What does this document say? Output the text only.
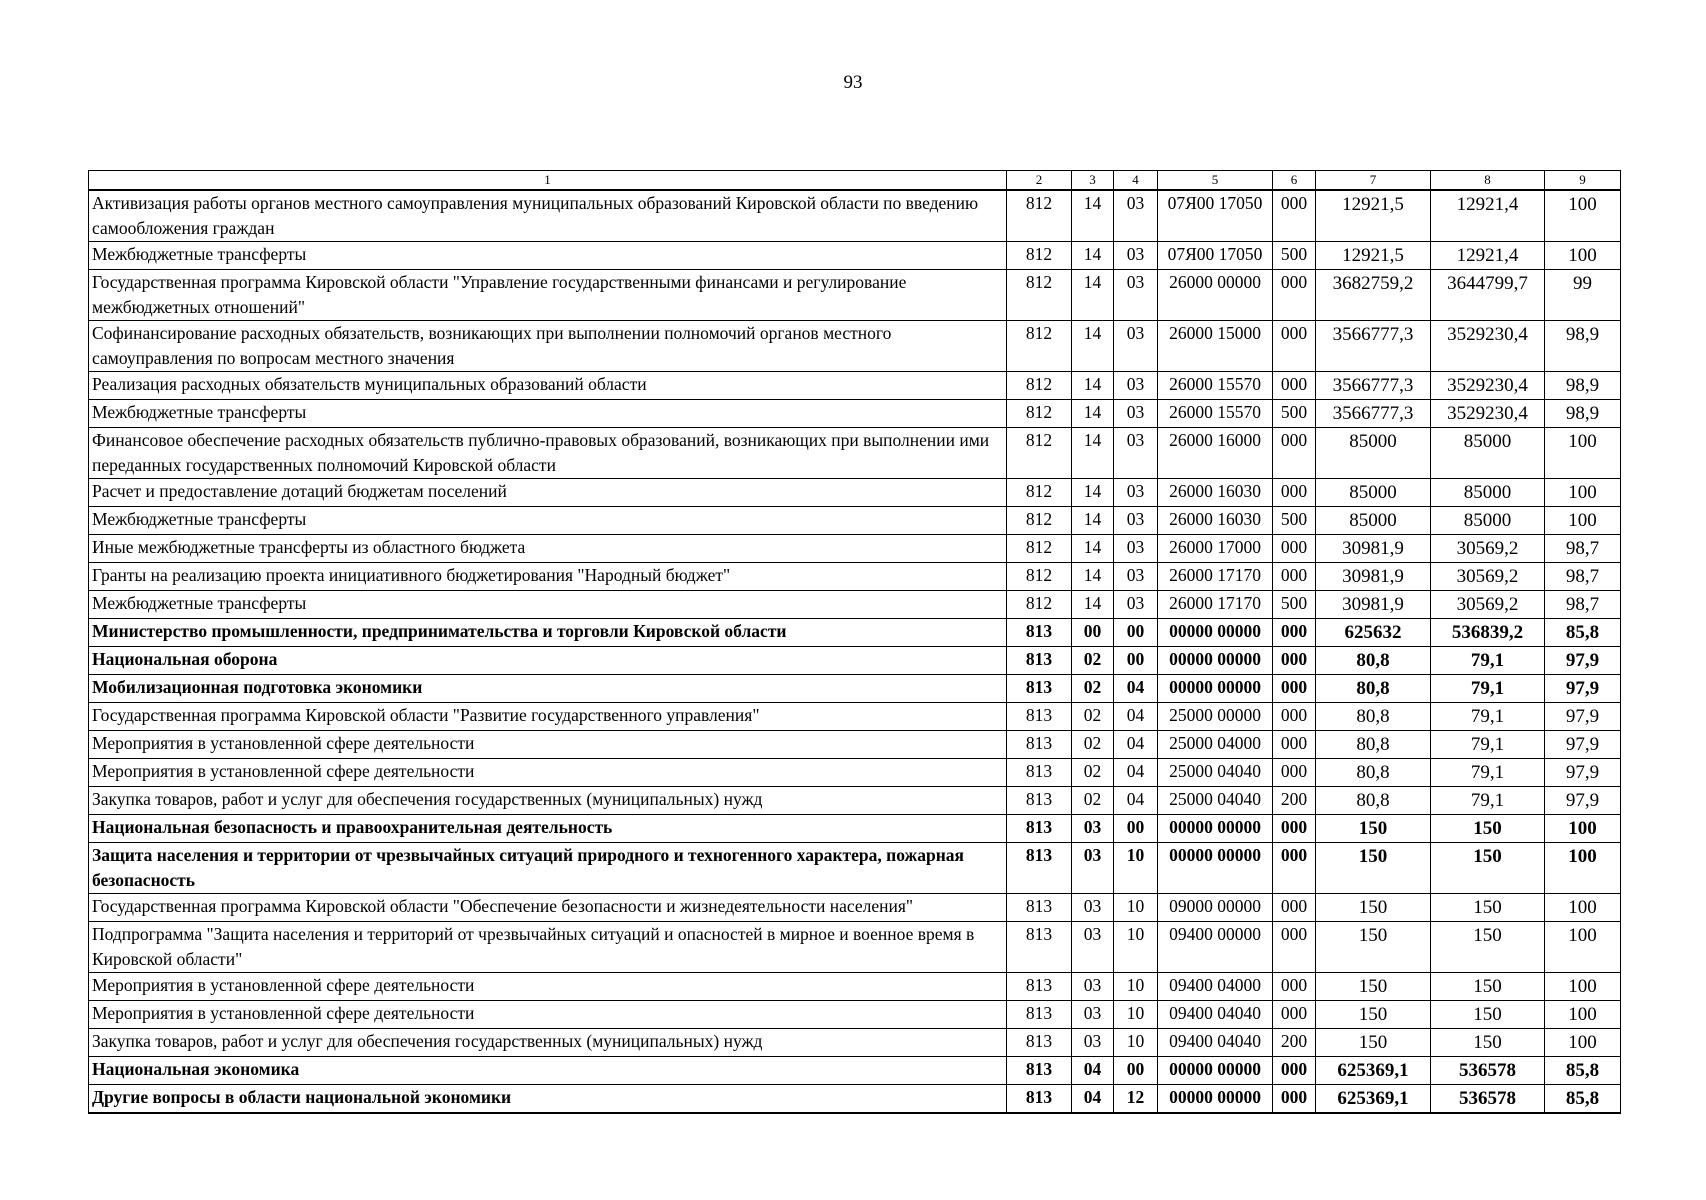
93
1	2	3	4	5	6	7	8	9
Активизация работы органов местного самоуправления муниципальных образований Кировской области по введению самообложения граждан	812	14	03	07Я00 17050	000	12921,5	12921,4	100
Межбюджетные трансферты	812	14	03	07Я00 17050	500	12921,5	12921,4	100
Государственная программа Кировской области "Управление государственными финансами и регулирование межбюджетных отношений"	812	14	03	26000 00000	000	3682759,2	3644799,7	99
Софинансирование расходных обязательств, возникающих при выполнении полномочий органов местного самоуправления по вопросам местного значения	812	14	03	26000 15000	000	3566777,3	3529230,4	98,9
Реализация расходных обязательств муниципальных образований области	812	14	03	26000 15570	000	3566777,3	3529230,4	98,9
Межбюджетные трансферты	812	14	03	26000 15570	500	3566777,3	3529230,4	98,9
Финансовое обеспечение расходных обязательств публично-правовых образований, возникающих при выполнении ими переданных государственных полномочий Кировской области	812	14	03	26000 16000	000	85000	85000	100
Расчет и предоставление дотаций бюджетам поселений	812	14	03	26000 16030	000	85000	85000	100
Межбюджетные трансферты	812	14	03	26000 16030	500	85000	85000	100
Иные межбюджетные трансферты из областного бюджета	812	14	03	26000 17000	000	30981,9	30569,2	98,7
Гранты на реализацию проекта инициативного бюджетирования "Народный бюджет"	812	14	03	26000 17170	000	30981,9	30569,2	98,7
Межбюджетные трансферты	812	14	03	26000 17170	500	30981,9	30569,2	98,7
Министерство промышленности, предпринимательства и торговли Кировской области	813	00	00	00000 00000	000	625632	536839,2	85,8
Национальная оборона	813	02	00	00000 00000	000	80,8	79,1	97,9
Мобилизационная подготовка экономики	813	02	04	00000 00000	000	80,8	79,1	97,9
Государственная программа Кировской области "Развитие государственного управления"	813	02	04	25000 00000	000	80,8	79,1	97,9
Мероприятия в установленной сфере деятельности	813	02	04	25000 04000	000	80,8	79,1	97,9
Мероприятия в установленной сфере деятельности	813	02	04	25000 04040	000	80,8	79,1	97,9
Закупка товаров, работ и услуг для обеспечения государственных (муниципальных) нужд	813	02	04	25000 04040	200	80,8	79,1	97,9
Национальная безопасность и правоохранительная деятельность	813	03	00	00000 00000	000	150	150	100
Защита населения и территории от чрезвычайных ситуаций природного и техногенного характера, пожарная безопасность	813	03	10	00000 00000	000	150	150	100
Государственная программа Кировской области "Обеспечение безопасности и жизнедеятельности населения"	813	03	10	09000 00000	000	150	150	100
Подпрограмма "Защита населения и территорий от чрезвычайных ситуаций и опасностей в мирное и военное время в Кировской области"	813	03	10	09400 00000	000	150	150	100
Мероприятия в установленной сфере деятельности	813	03	10	09400 04000	000	150	150	100
Мероприятия в установленной сфере деятельности	813	03	10	09400 04040	000	150	150	100
Закупка товаров, работ и услуг для обеспечения государственных (муниципальных) нужд	813	03	10	09400 04040	200	150	150	100
Национальная экономика	813	04	00	00000 00000	000	625369,1	536578	85,8
Другие вопросы в области национальной экономики	813	04	12	00000 00000	000	625369,1	536578	85,8
